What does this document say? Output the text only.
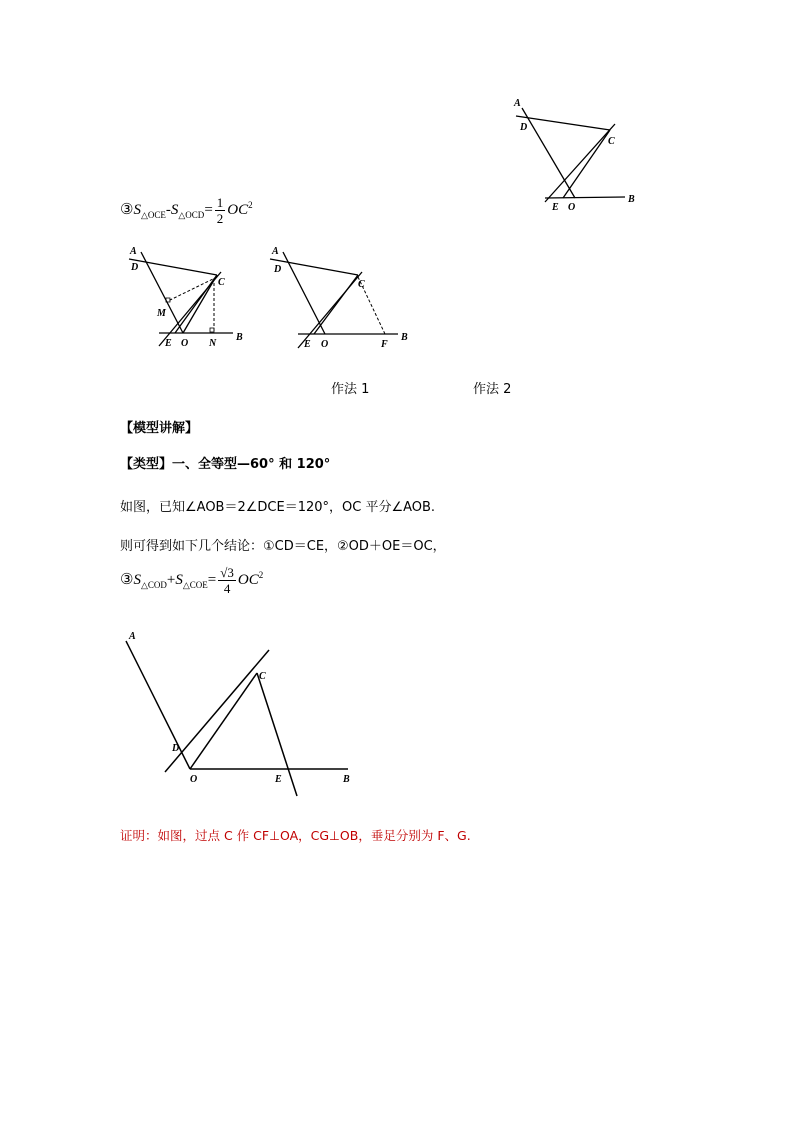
A
D
C
E O
B
$③S_{\triangle OCE}-S_{\triangle OCD}= \frac{1}{2} OC^2$
A
D
C
M
E O N
B
A
D
C
E O	F
B
作法 1	作法 2
【模型讲解】
【类型】一、全等型—60° 和 120°
如图，已知∠AOB＝2∠DCE＝120°，OC 平分∠AOB.
则可得到如下几个结论：①CD＝CE，②OD＋OE＝OC，
$③S_{\triangle COD}+S_{\triangle COE}= \frac{√3}{4} OC^2$
A
C
D
O	E	B
证明：如图，过点 C 作 CF⊥OA，CG⊥OB，垂足分别为 F、G.
